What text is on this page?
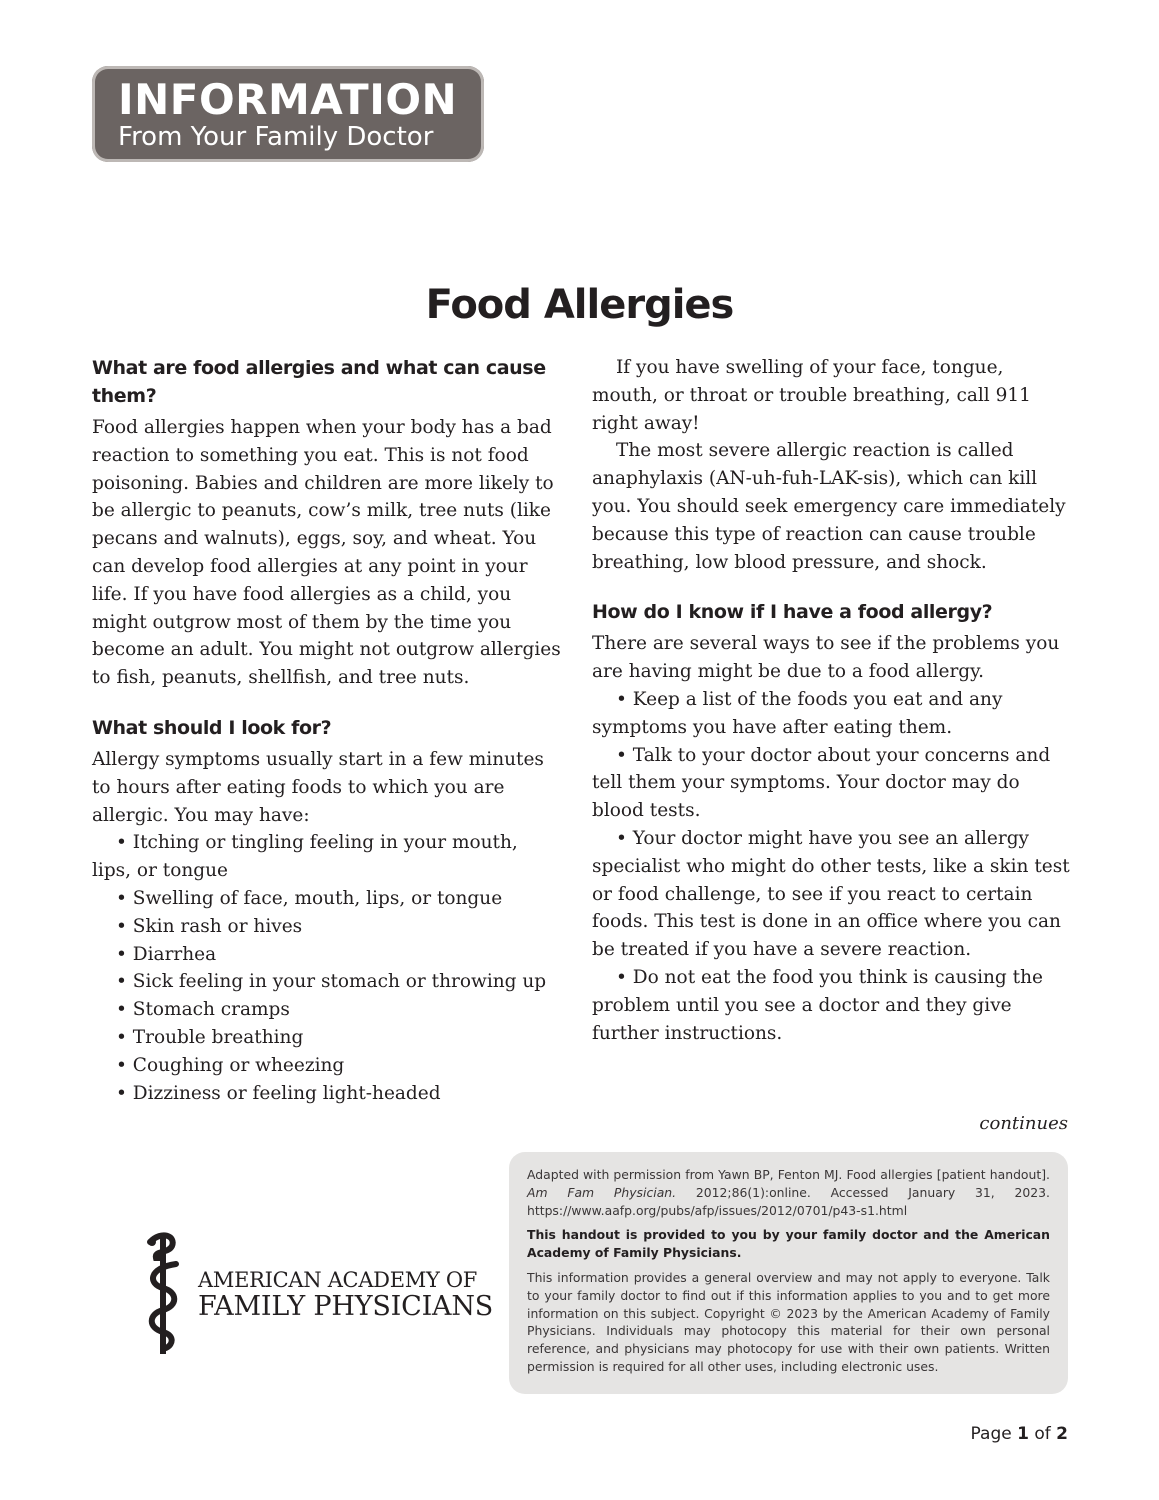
INFORMATION
From Your Family Doctor
Food Allergies
What are food allergies and what can cause them?

Food allergies happen when your body has a bad reaction to something you eat. This is not food poisoning. Babies and children are more likely to be allergic to peanuts, cow’s milk, tree nuts (like pecans and walnuts), eggs, soy, and wheat. You can develop food allergies at any point in your life. If you have food allergies as a child, you might outgrow most of them by the time you become an adult. You might not outgrow allergies to fish, peanuts, shellfish, and tree nuts.

What should I look for?

Allergy symptoms usually start in a few minutes to hours after eating foods to which you are allergic. You may have:

• Itching or tingling feeling in your mouth, lips, or tongue
• Swelling of face, mouth, lips, or tongue
• Skin rash or hives
• Diarrhea
• Sick feeling in your stomach or throwing up
• Stomach cramps
• Trouble breathing
• Coughing or wheezing
• Dizziness or feeling light-headed

If you have swelling of your face, tongue, mouth, or throat or trouble breathing, call 911 right away!

The most severe allergic reaction is called anaphylaxis (AN-uh-fuh-LAK-sis), which can kill you. You should seek emergency care immediately because this type of reaction can cause trouble breathing, low blood pressure, and shock.

How do I know if I have a food allergy?

There are several ways to see if the problems you are having might be due to a food allergy.

• Keep a list of the foods you eat and any symptoms you have after eating them.
• Talk to your doctor about your concerns and tell them your symptoms. Your doctor may do blood tests.
• Your doctor might have you see an allergy specialist who might do other tests, like a skin test or food challenge, to see if you react to certain foods. This test is done in an office where you can be treated if you have a severe reaction.
• Do not eat the food you think is causing the problem until you see a doctor and they give further instructions.
continues
AMERICAN ACADEMY OF
FAMILY PHYSICIANS

Adapted with permission from Yawn BP, Fenton MJ. Food allergies [patient handout]. Am Fam Physician. 2012;86(1):online. Accessed January 31, 2023. https://www.aafp.org/pubs/afp/issues/2012/0701/p43-s1.html

This handout is provided to you by your family doctor and the American Academy of Family Physicians.

This information provides a general overview and may not apply to everyone. Talk to your family doctor to find out if this information applies to you and to get more information on this subject. Copyright © 2023 by the American Academy of Family Physicians. Individuals may photocopy this material for their own personal reference, and physicians may photocopy for use with their own patients. Written permission is required for all other uses, including electronic uses.

Page 1 of 2
